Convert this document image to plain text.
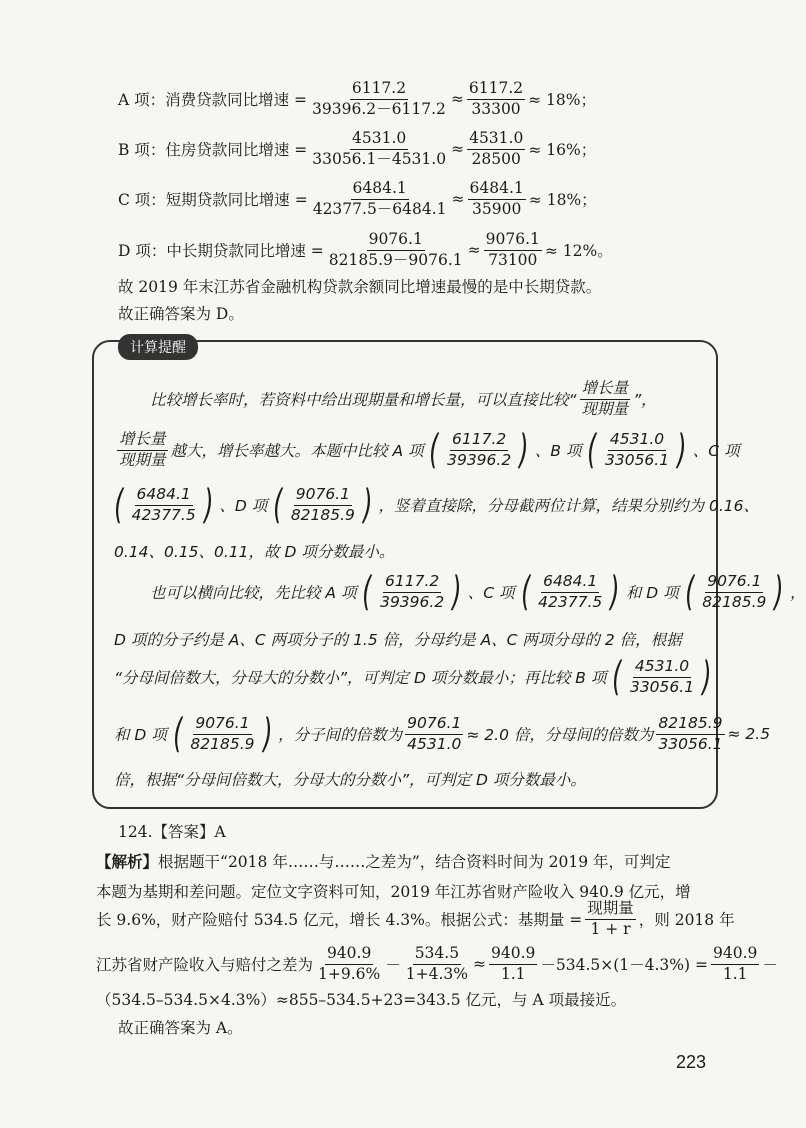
A 项：消费贷款同比增速 = $\frac{6117.2}{39396.2-6117.2} \approx \frac{6117.2}{33300} \approx 18\%$；
B 项：住房贷款同比增速 = $\frac{4531.0}{33056.1-4531.0} \approx \frac{4531.0}{28500} \approx 16\%$；
C 项：短期贷款同比增速 = $\frac{6484.1}{42377.5-6484.1} \approx \frac{6484.1}{35900} \approx 18\%$；
D 项：中长期贷款同比增速 = $\frac{9076.1}{82185.9-9076.1} \approx \frac{9076.1}{73100} \approx 12\%$。
故 2019 年末江苏省金融机构贷款余额同比增速最慢的是中长期贷款。
故正确答案为 D。
计算提醒
比较增长率时，若资料中给出现期量和增长量，可以直接比较“ $\frac{\text{增长量}}{\text{现期量}}$ ”，
$\frac{\text{增长量}}{\text{现期量}}$ 越大，增长率越大。本题中比较 A 项 ( $\frac{6117.2}{39396.2}$ ) 、B 项 ( $\frac{4531.0}{33056.1}$ ) 、C 项
( $\frac{6484.1}{42377.5}$ ) 、D 项 ( $\frac{9076.1}{82185.9}$ ) ，竖着直接除，分母截两位计算，结果分别约为 0.16、
0.14、0.15、0.11，故 D 项分数最小。
也可以横向比较，先比较 A 项 ( $\frac{6117.2}{39396.2}$ ) 、C 项 ( $\frac{6484.1}{42377.5}$ ) 和 D 项 ( $\frac{9076.1}{82185.9}$ ) ，
D 项的分子约是 A、C 两项分子的 1.5 倍，分母约是 A、C 两项分母的 2 倍，根据
“分母间倍数大，分母大的分数小”，可判定 D 项分数最小；再比较 B 项 ( $\frac{4531.0}{33056.1}$ )
和 D 项 ( $\frac{9076.1}{82185.9}$ ) ，分子间的倍数为 $\frac{9076.1}{4531.0} \approx 2.0$ 倍，分母间的倍数为 $\frac{82185.9}{33056.1} \approx 2.5$
倍，根据“分母间倍数大，分母大的分数小”，可判定 D 项分数最小。
124.【答案】A
【解析】 根据题干“2018 年……与……之差为”，结合资料时间为 2019 年，可判定
本题为基期和差问题。定位文字资料可知，2019 年江苏省财产险收入 940.9 亿元，增
长 9.6%，财产险赔付 534.5 亿元，增长 4.3%。根据公式：基期量 = $\frac{\text{现期量}}{1 + r}$ ，则 2018 年
江苏省财产险收入与赔付之差为 $\frac{940.9}{1+9.6\%} - \frac{534.5}{1+4.3\%} \approx \frac{940.9}{1.1} -534.5\times(1-4.3\%) = \frac{940.9}{1.1}$ －
（534.5–534.5×4.3%）≈855–534.5+23=343.5 亿元，与 A 项最接近。
故正确答案为 A。
223
